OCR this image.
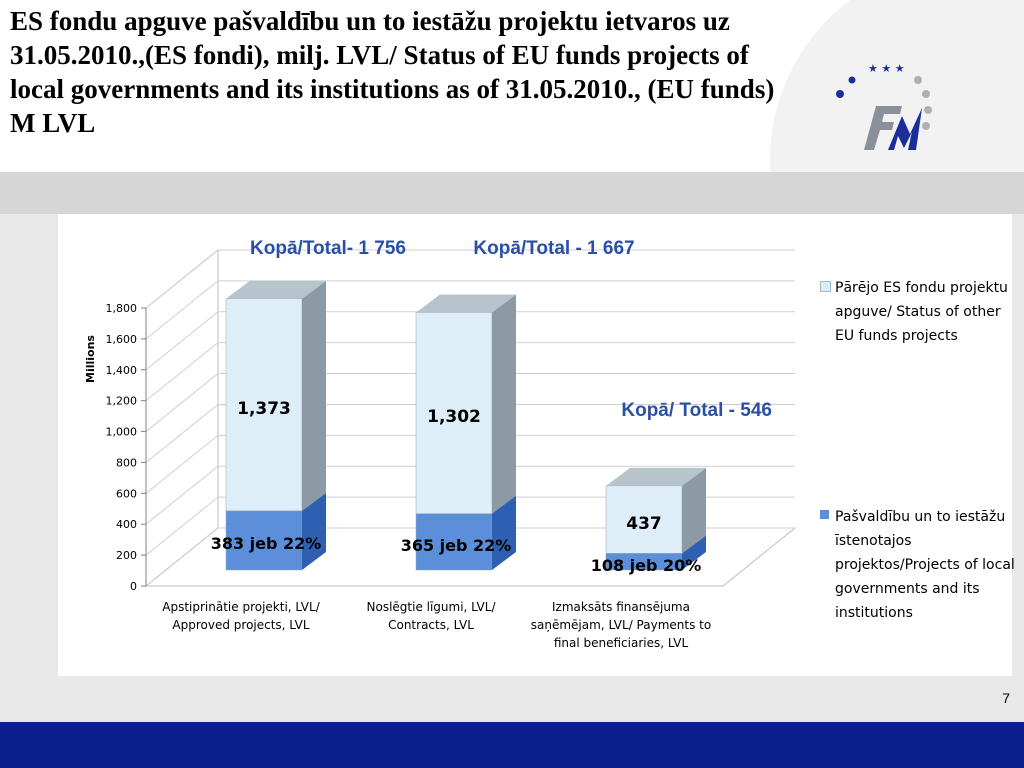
ES fondu apguve pašvaldību un to iestāžu projektu ietvaros uz 31.05.2010.,(ES fondi), milj. LVL/ Status of EU funds projects of local governments and its institutions as of 31.05.2010., (EU funds) M LVL
★ ★ ★
0
200
400
600
800
1,000
1,200
1,400
1,600
1,800
Millions
1,373
383 jeb 22%
Kopā/Total- 1 756
1,302
365 jeb 22%
Kopā/Total - 1 667
437
108 jeb 20%
Kopā/ Total - 546
Apstiprinātie projekti, LVL/ Approved projects, LVL
Noslēgtie līgumi, LVL/ Contracts, LVL
Izmaksāts finansējuma saņēmējam, LVL/ Payments to final beneficiaries, LVL
Pārējo ES fondu projektu apguve/ Status of other EU funds projects
Pašvaldību un to iestāžu īstenotajos projektos/Projects of local governments and its institutions
7
